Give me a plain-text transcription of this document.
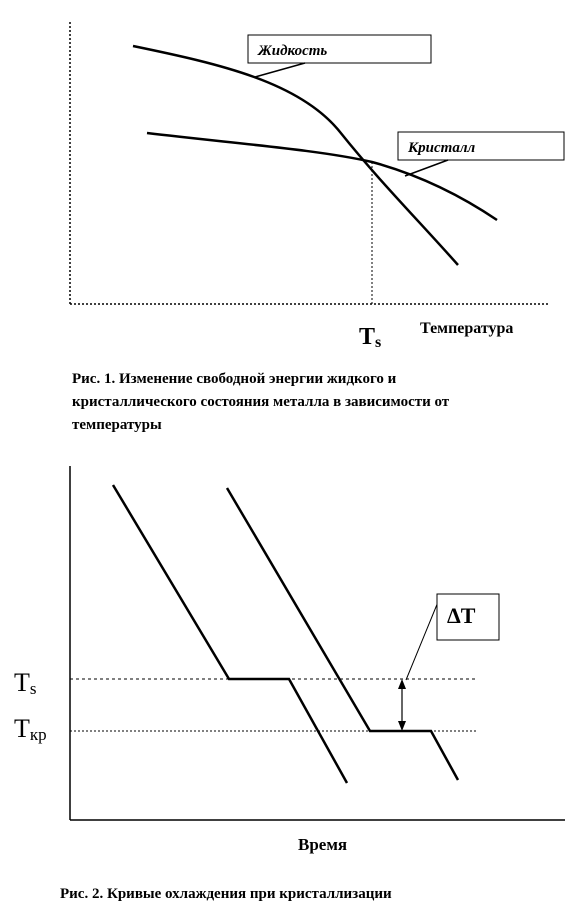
Жидкость
Кристалл
Ts
Температура
ΔT
Ts
Tкр
Время
Рис. 1. Изменение свободной энергии жидкого и
кристаллического состояния металла в зависимости от
температуры
Рис. 2. Кривые охлаждения при кристаллизации
